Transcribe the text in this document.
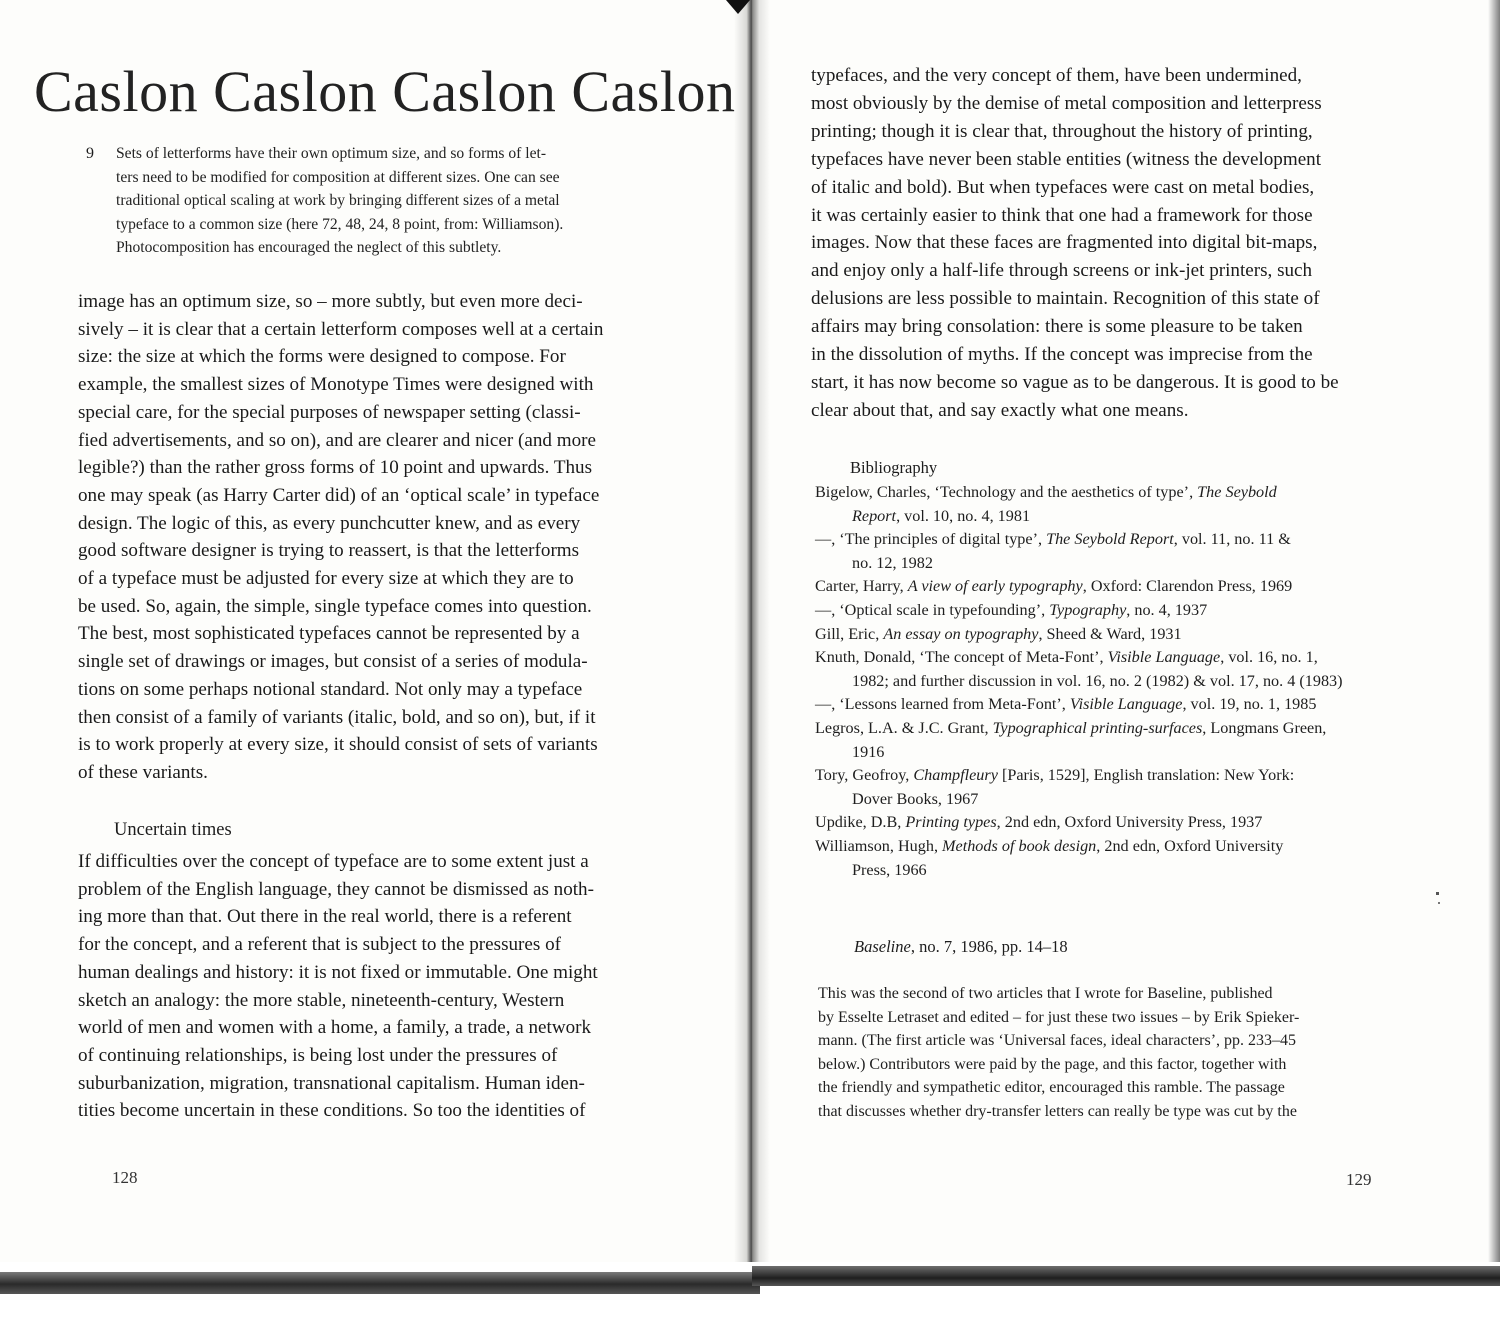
Caslon Caslon Caslon Caslon
9 Sets of letterforms have their own optimum size, and so forms of let-
ters need to be modified for composition at different sizes. One can see
traditional optical scaling at work by bringing different sizes of a metal
typeface to a common size (here 72, 48, 24, 8 point, from: Williamson).
Photocomposition has encouraged the neglect of this subtlety.
image has an optimum size, so – more subtly, but even more deci-
sively – it is clear that a certain letterform composes well at a certain
size: the size at which the forms were designed to compose. For
example, the smallest sizes of Monotype Times were designed with
special care, for the special purposes of newspaper setting (classi-
fied advertisements, and so on), and are clearer and nicer (and more
legible?) than the rather gross forms of 10 point and upwards. Thus
one may speak (as Harry Carter did) of an ‘optical scale’ in typeface
design. The logic of this, as every punchcutter knew, and as every
good software designer is trying to reassert, is that the letterforms
of a typeface must be adjusted for every size at which they are to
be used. So, again, the simple, single typeface comes into question.
The best, most sophisticated typefaces cannot be represented by a
single set of drawings or images, but consist of a series of modula-
tions on some perhaps notional standard. Not only may a typeface
then consist of a family of variants (italic, bold, and so on), but, if it
is to work properly at every size, it should consist of sets of variants
of these variants.
Uncertain times
If difficulties over the concept of typeface are to some extent just a
problem of the English language, they cannot be dismissed as noth-
ing more than that. Out there in the real world, there is a referent
for the concept, and a referent that is subject to the pressures of
human dealings and history: it is not fixed or immutable. One might
sketch an analogy: the more stable, nineteenth-century, Western
world of men and women with a home, a family, a trade, a network
of continuing relationships, is being lost under the pressures of
suburbanization, migration, transnational capitalism. Human iden-
tities become uncertain in these conditions. So too the identities of
128
typefaces, and the very concept of them, have been undermined,
most obviously by the demise of metal composition and letterpress
printing; though it is clear that, throughout the history of printing,
typefaces have never been stable entities (witness the development
of italic and bold). But when typefaces were cast on metal bodies,
it was certainly easier to think that one had a framework for those
images. Now that these faces are fragmented into digital bit-maps,
and enjoy only a half-life through screens or ink-jet printers, such
delusions are less possible to maintain. Recognition of this state of
affairs may bring consolation: there is some pleasure to be taken
in the dissolution of myths. If the concept was imprecise from the
start, it has now become so vague as to be dangerous. It is good to be
clear about that, and say exactly what one means.
Bibliography
Bigelow, Charles, ‘Technology and the aesthetics of type’, The Seybold
Report, vol. 10, no. 4, 1981
—, ‘The principles of digital type’, The Seybold Report, vol. 11, no. 11 &
no. 12, 1982
Carter, Harry, A view of early typography, Oxford: Clarendon Press, 1969
—, ‘Optical scale in typefounding’, Typography, no. 4, 1937
Gill, Eric, An essay on typography, Sheed & Ward, 1931
Knuth, Donald, ‘The concept of Meta-Font’, Visible Language, vol. 16, no. 1,
1982; and further discussion in vol. 16, no. 2 (1982) & vol. 17, no. 4 (1983)
—, ‘Lessons learned from Meta-Font’, Visible Language, vol. 19, no. 1, 1985
Legros, L.A. & J.C. Grant, Typographical printing-surfaces, Longmans Green,
1916
Tory, Geofroy, Champfleury [Paris, 1529], English translation: New York:
Dover Books, 1967
Updike, D.B, Printing types, 2nd edn, Oxford University Press, 1937
Williamson, Hugh, Methods of book design, 2nd edn, Oxford University
Press, 1966
Baseline, no. 7, 1986, pp. 14–18
This was the second of two articles that I wrote for Baseline, published
by Esselte Letraset and edited – for just these two issues – by Erik Spieker-
mann. (The first article was ‘Universal faces, ideal characters’, pp. 233–45
below.) Contributors were paid by the page, and this factor, together with
the friendly and sympathetic editor, encouraged this ramble. The passage
that discusses whether dry-transfer letters can really be type was cut by the
129
